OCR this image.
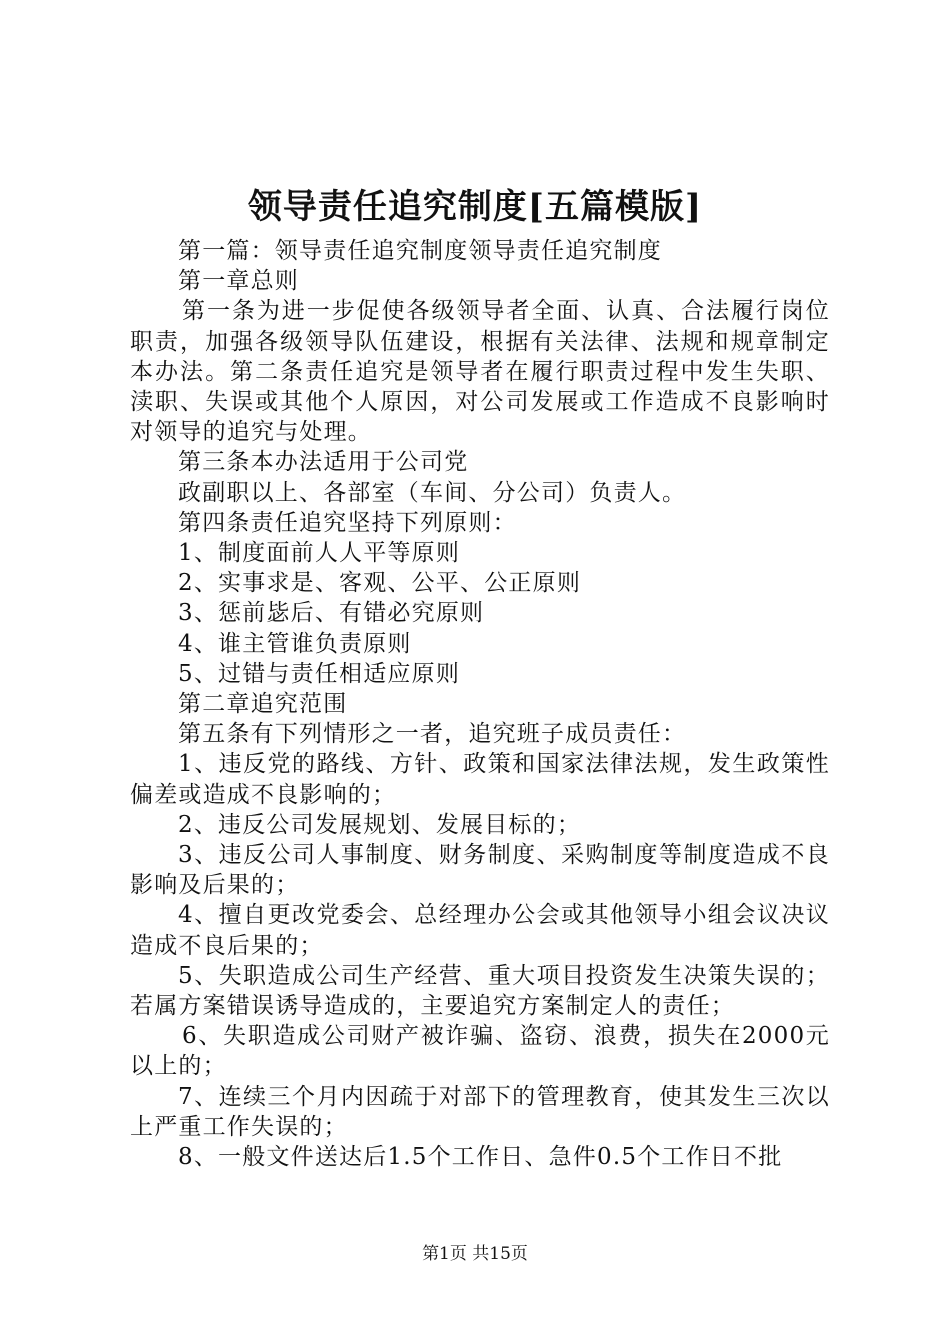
领导责任追究制度[五篇模版]

第一篇：领导责任追究制度领导责任追究制度

第一章总则

第一条为进一步促使各级领导者全面、认真、合法履行岗位职责，加强各级领导队伍建设，根据有关法律、法规和规章制定本办法。第二条责任追究是领导者在履行职责过程中发生失职、渎职、失误或其他个人原因，对公司发展或工作造成不良影响时对领导的追究与处理。

第三条本办法适用于公司党

政副职以上、各部室（车间、分公司）负责人。

第四条责任追究坚持下列原则：

1、制度面前人人平等原则

2、实事求是、客观、公平、公正原则

3、惩前毖后、有错必究原则

4、谁主管谁负责原则

5、过错与责任相适应原则

第二章追究范围

第五条有下列情形之一者，追究班子成员责任：

1、违反党的路线、方针、政策和国家法律法规，发生政策性偏差或造成不良影响的；

2、违反公司发展规划、发展目标的；

3、违反公司人事制度、财务制度、采购制度等制度造成不良影响及后果的；

4、擅自更改党委会、总经理办公会或其他领导小组会议决议造成不良后果的；

5、失职造成公司生产经营、重大项目投资发生决策失误的；若属方案错误诱导造成的，主要追究方案制定人的责任；

6、失职造成公司财产被诈骗、盗窃、浪费，损失在2000元以上的；

7、连续三个月内因疏于对部下的管理教育，使其发生三次以上严重工作失误的；

8、一般文件送达后1.5个工作日、急件0.5个工作日不批

第1页 共15页
